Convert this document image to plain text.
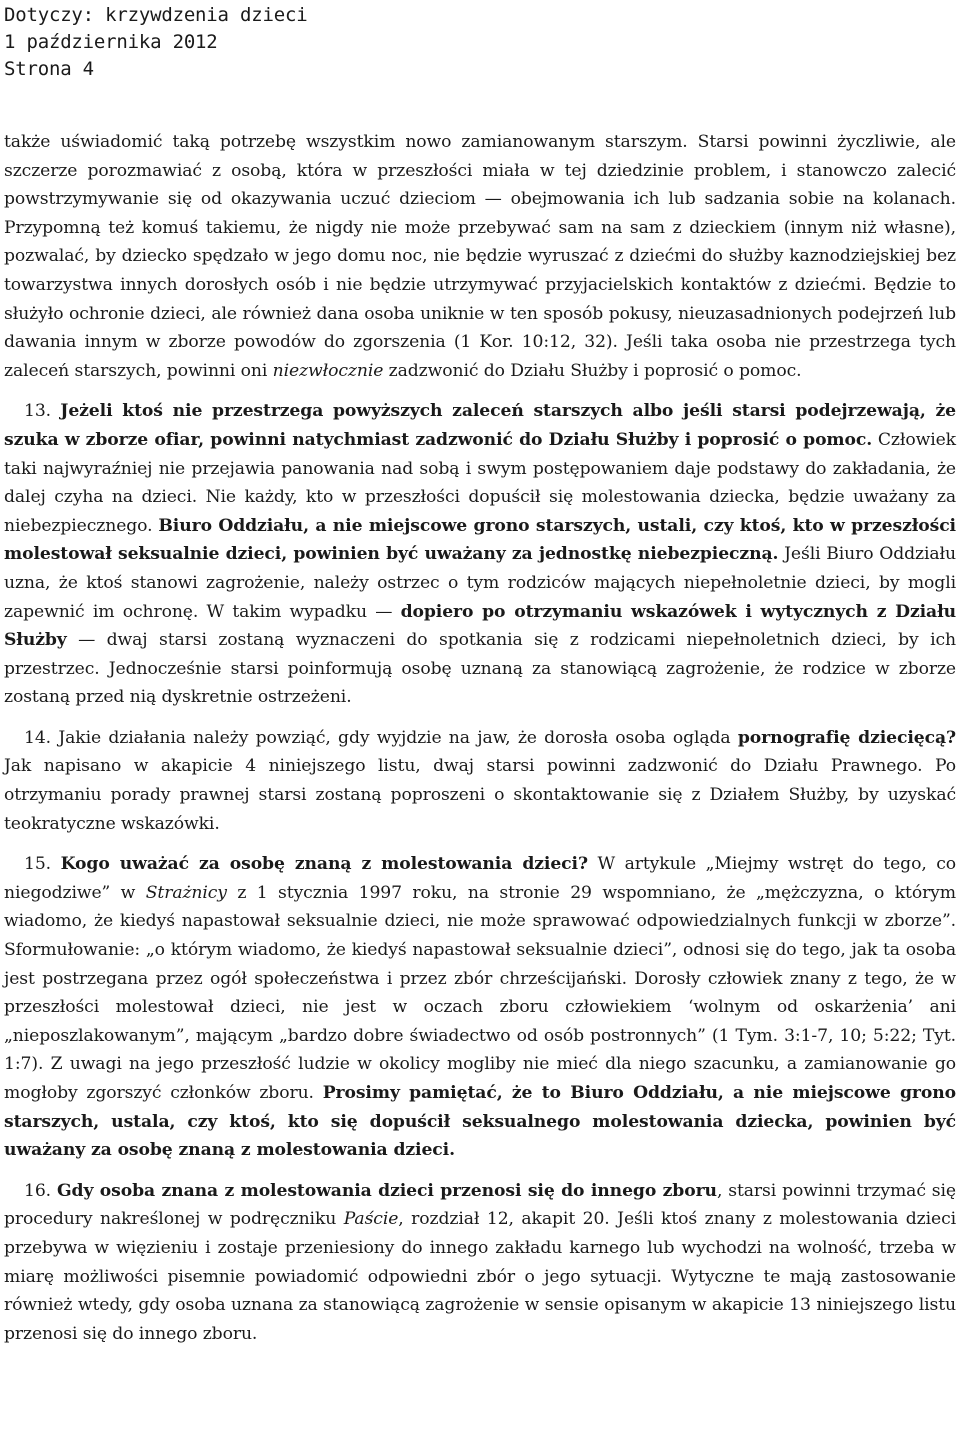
Dotyczy: krzywdzenia dzieci
1 października 2012
Strona 4

także uświadomić taką potrzebę wszystkim nowo zamianowanym starszym. Starsi powinni życzliwie, ale szczerze porozmawiać z osobą, która w przeszłości miała w tej dziedzinie problem, i stanowczo zalecić powstrzymywanie się od okazywania uczuć dzieciom — obejmowania ich lub sadzania sobie na kolanach. Przypomną też komuś takiemu, że nigdy nie może przebywać sam na sam z dzieckiem (innym niż własne), pozwalać, by dziecko spędzało w jego domu noc, nie będzie wyruszać z dziećmi do służby kaznodziejskiej bez towarzystwa innych dorosłych osób i nie będzie utrzymywać przyjacielskich kontaktów z dziećmi. Będzie to służyło ochronie dzieci, ale również dana osoba uniknie w ten sposób pokusy, nieuzasadnionych podejrzeń lub dawania innym w zborze powodów do zgorszenia (1 Kor. 10:12, 32). Jeśli taka osoba nie przestrzega tych zaleceń starszych, powinni oni niezwłocznie zadzwonić do Działu Służby i poprosić o pomoc.

13. Jeżeli ktoś nie przestrzega powyższych zaleceń starszych albo jeśli starsi podejrzewają, że szuka w zborze ofiar, powinni natychmiast zadzwonić do Działu Służby i poprosić o pomoc. Człowiek taki najwyraźniej nie przejawia panowania nad sobą i swym postępowaniem daje podstawy do zakładania, że dalej czyha na dzieci. Nie każdy, kto w przeszłości dopuścił się molestowania dziecka, będzie uważany za niebezpiecznego. Biuro Oddziału, a nie miejscowe grono starszych, ustali, czy ktoś, kto w przeszłości molestował seksualnie dzieci, powinien być uważany za jednostkę niebezpieczną. Jeśli Biuro Oddziału uzna, że ktoś stanowi zagrożenie, należy ostrzec o tym rodziców mających niepełnoletnie dzieci, by mogli zapewnić im ochronę. W takim wypadku — dopiero po otrzymaniu wskazówek i wytycznych z Działu Służby — dwaj starsi zostaną wyznaczeni do spotkania się z rodzicami niepełnoletnich dzieci, by ich przestrzec. Jednocześnie starsi poinformują osobę uznaną za stanowiącą zagrożenie, że rodzice w zborze zostaną przed nią dyskretnie ostrzeżeni.

14. Jakie działania należy powziąć, gdy wyjdzie na jaw, że dorosła osoba ogląda pornografię dziecięcą? Jak napisano w akapicie 4 niniejszego listu, dwaj starsi powinni zadzwonić do Działu Prawnego. Po otrzymaniu porady prawnej starsi zostaną poproszeni o skontaktowanie się z Działem Służby, by uzyskać teokratyczne wskazówki.

15. Kogo uważać za osobę znaną z molestowania dzieci? W artykule „Miejmy wstręt do tego, co niegodziwe” w Strażnicy z 1 stycznia 1997 roku, na stronie 29 wspomniano, że „mężczyzna, o którym wiadomo, że kiedyś napastował seksualnie dzieci, nie może sprawować odpowiedzialnych funkcji w zborze”. Sformułowanie: „o którym wiadomo, że kiedyś napastował seksualnie dzieci”, odnosi się do tego, jak ta osoba jest postrzegana przez ogół społeczeństwa i przez zbór chrześcijański. Dorosły człowiek znany z tego, że w przeszłości molestował dzieci, nie jest w oczach zboru człowiekiem ‘wolnym od oskarżenia’ ani „nieposzlakowanym”, mającym „bardzo dobre świadectwo od osób postronnych” (1 Tym. 3:1-7, 10; 5:22; Tyt. 1:7). Z uwagi na jego przeszłość ludzie w okolicy mogliby nie mieć dla niego szacunku, a zamianowanie go mogłoby zgorszyć członków zboru. Prosimy pamiętać, że to Biuro Oddziału, a nie miejscowe grono starszych, ustala, czy ktoś, kto się dopuścił seksualnego molestowania dziecka, powinien być uważany za osobę znaną z molestowania dzieci.

16. Gdy osoba znana z molestowania dzieci przenosi się do innego zboru, starsi powinni trzymać się procedury nakreślonej w podręczniku Paście, rozdział 12, akapit 20. Jeśli ktoś znany z molestowania dzieci przebywa w więzieniu i zostaje przeniesiony do innego zakładu karnego lub wychodzi na wolność, trzeba w miarę możliwości pisemnie powiadomić odpowiedni zbór o jego sytuacji. Wytyczne te mają zastosowanie również wtedy, gdy osoba uznana za stanowiącą zagrożenie w sensie opisanym w akapicie 13 niniejszego listu przenosi się do innego zboru.
